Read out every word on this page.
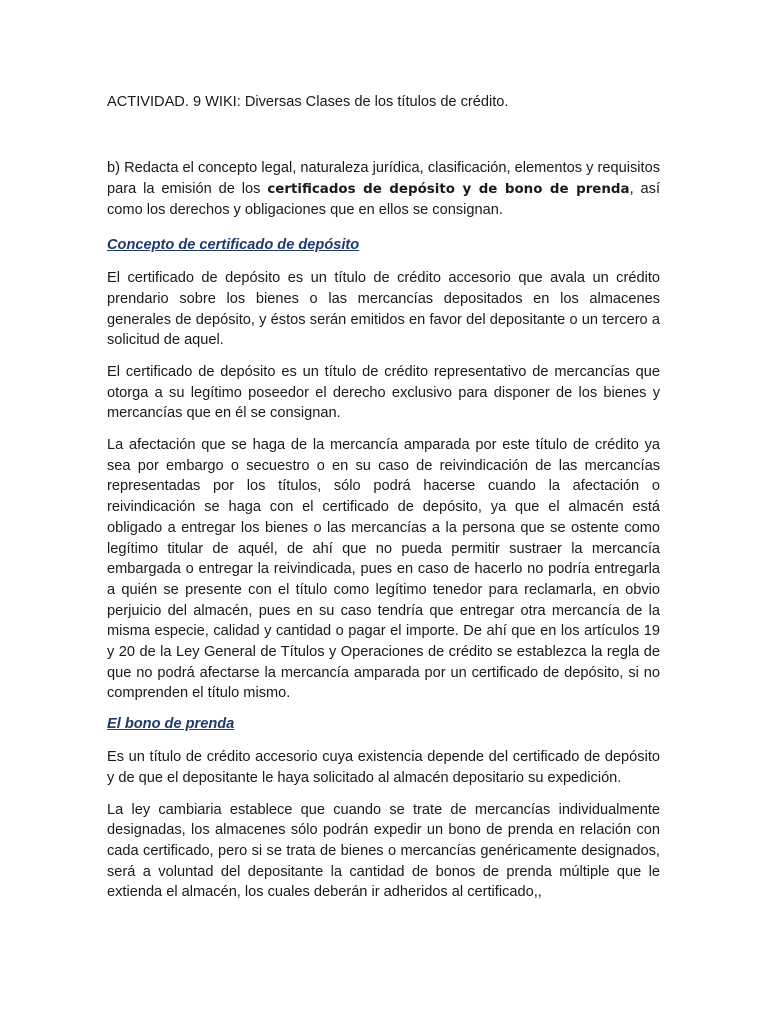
ACTIVIDAD. 9 WIKI: Diversas Clases de los títulos de crédito.

b) Redacta el concepto legal, naturaleza jurídica, clasificación, elementos y requisitos para la emisión de los certificados de depósito y de bono de prenda, así como los derechos y obligaciones que en ellos se consignan.

Concepto de certificado de depósito

El certificado de depósito es un título de crédito accesorio que avala un crédito prendario sobre los bienes o las mercancías depositados en los almacenes generales de depósito, y éstos serán emitidos en favor del depositante o un tercero a solicitud de aquel.

El certificado de depósito es un título de crédito representativo de mercancías que otorga a su legítimo poseedor el derecho exclusivo para disponer de los bienes y mercancías que en él se consignan.

La afectación que se haga de la mercancía amparada por este título de crédito ya sea por embargo o secuestro o en su caso de reivindicación de las mercancías representadas por los títulos, sólo podrá hacerse cuando la afectación o reivindicación se haga con el certificado de depósito, ya que el almacén está obligado a entregar los bienes o las mercancías a la persona que se ostente como legítimo titular de aquél, de ahí que no pueda permitir sustraer la mercancía embargada o entregar la reivindicada, pues en caso de hacerlo no podría entregarla a quién se presente con el título como legítimo tenedor para reclamarla, en obvio perjuicio del almacén, pues en su caso tendría que entregar otra mercancía de la misma especie, calidad y cantidad o pagar el importe. De ahí que en los artículos 19 y 20 de la Ley General de Títulos y Operaciones de crédito se establezca la regla de que no podrá afectarse la mercancía amparada por un certificado de depósito, si no comprenden el título mismo.

El bono de prenda

Es un título de crédito accesorio cuya existencia depende del certificado de depósito y de que el depositante le haya solicitado al almacén depositario su expedición.

La ley cambiaria establece que cuando se trate de mercancías individualmente designadas, los almacenes sólo podrán expedir un bono de prenda en relación con cada certificado, pero si se trata de bienes o mercancías genéricamente designados, será a voluntad del depositante la cantidad de bonos de prenda múltiple que le extienda el almacén, los cuales deberán ir adheridos al certificado,,
